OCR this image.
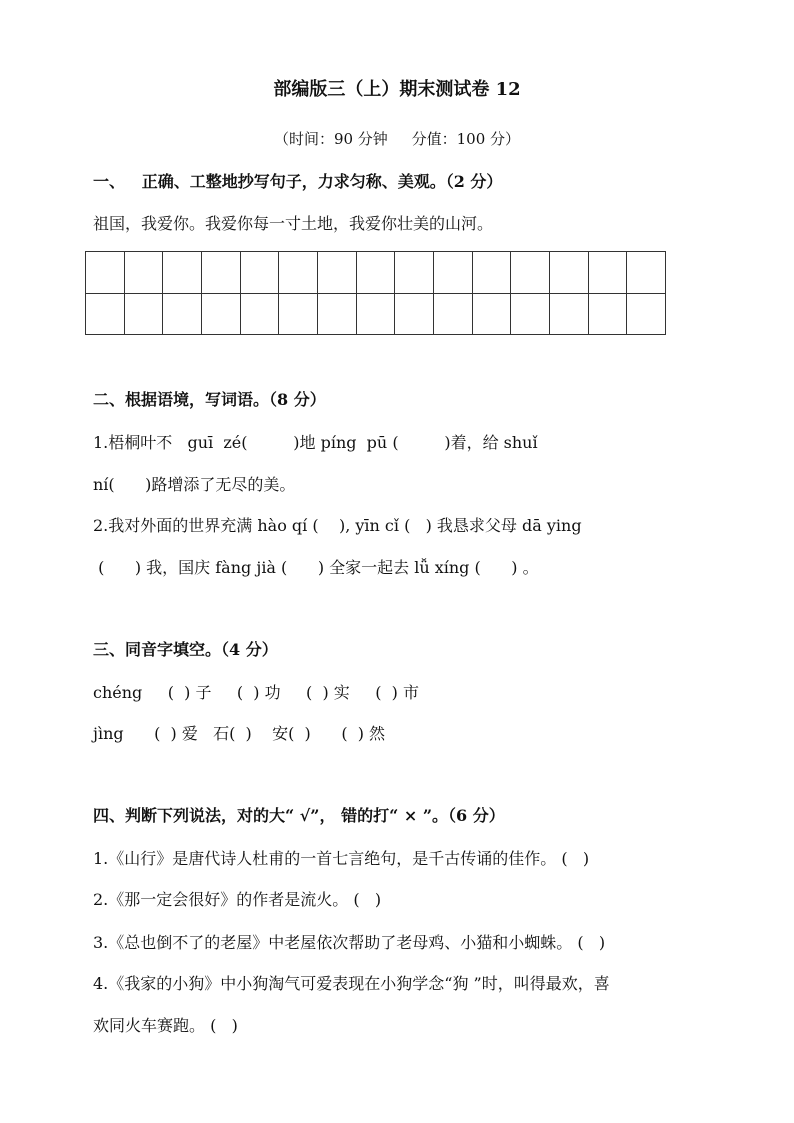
部编版三（上）期末测试卷 12
（时间：90 分钟     分值：100 分）
一、   正确、工整地抄写句子，力求匀称、美观。（2 分）
祖国，我爱你。我爱你每一寸土地，我爱你壮美的山河。
二、根据语境，写词语。（8 分）
1.梧桐叶不   guī  zé(         )地 píng  pū (         )着，给 shuǐ
ní(      )路增添了无尽的美。
2.我对外面的世界充满 hào qí (    ), yīn cǐ (   ) 我恳求父母 dā ying
(      ) 我，国庆 fàng jià (      ) 全家一起去 lǚ xíng (      ) 。
三、同音字填空。（4 分）
chéng     (  ) 子     (  ) 功     (  ) 实     (  ) 市
jìng      (  ) 爱   石(  )    安(  )      (  ) 然
四、判断下列说法，对的大“ √”， 错的打“ × ”。（6 分）
1.《山行》是唐代诗人杜甫的一首七言绝句，是千古传诵的佳作。 (   )
2.《那一定会很好》的作者是流火。 (   )
3.《总也倒不了的老屋》中老屋依次帮助了老母鸡、小猫和小蜘蛛。 (   )
4.《我家的小狗》中小狗淘气可爱表现在小狗学念“狗 ”时，叫得最欢，喜
欢同火车赛跑。 (   )
